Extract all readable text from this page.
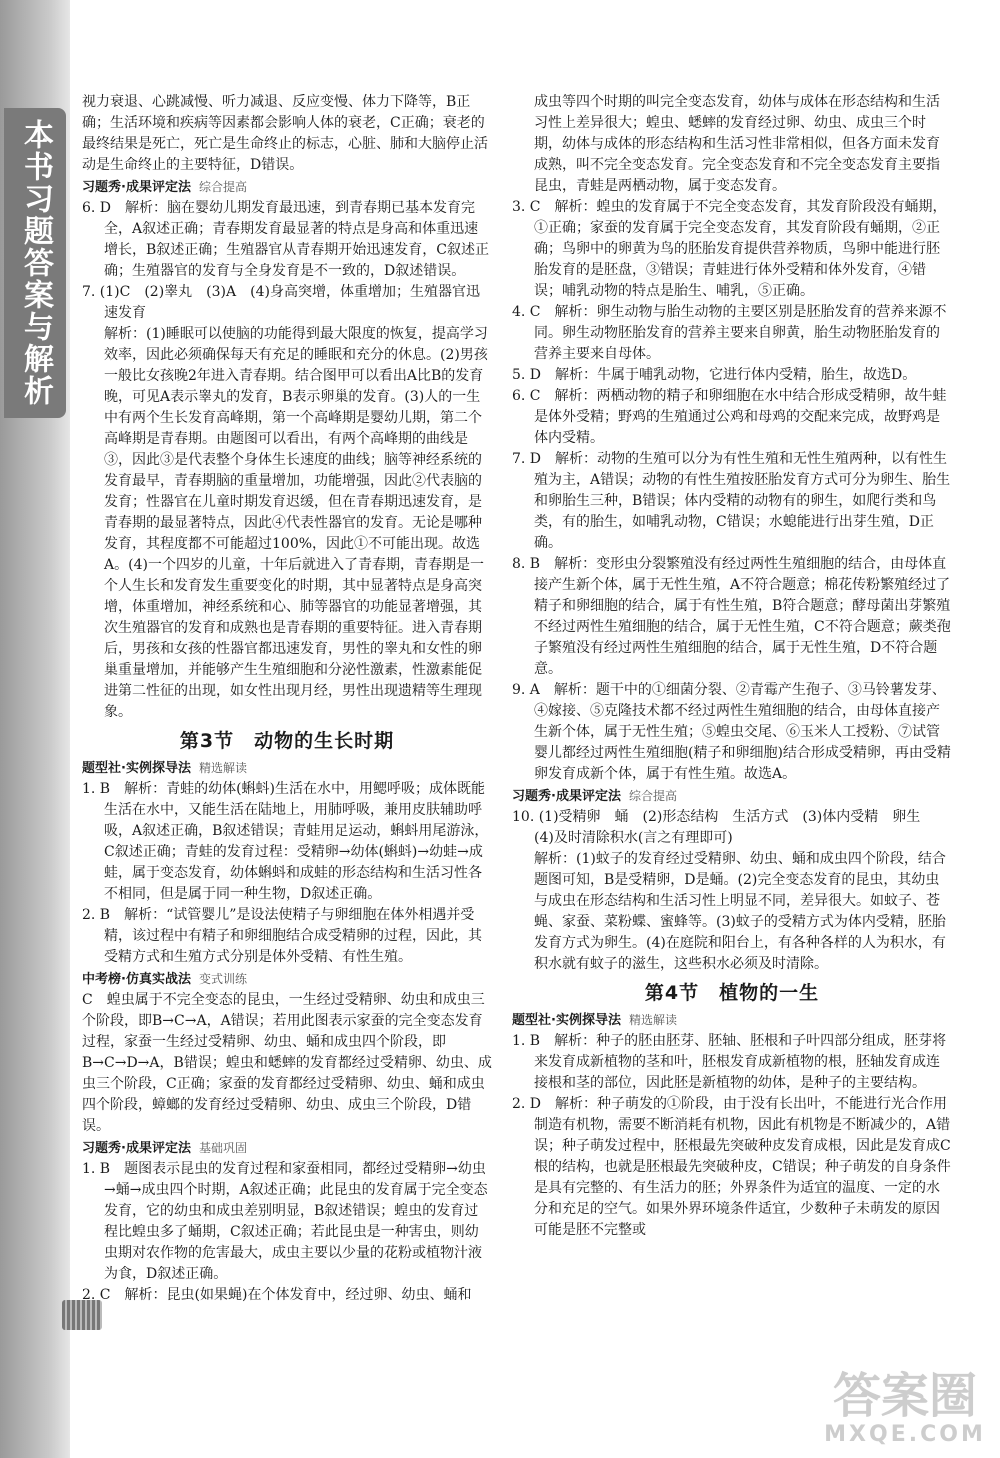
本书习题答案与解析

视力衰退、心跳减慢、听力减退、反应变慢、体力下降等，B正确；生活环境和疾病等因素都会影响人体的衰老，C正确；衰老的最终结果是死亡，死亡是生命终止的标志，心脏、肺和大脑停止活动是生命终止的主要特征，D错误。

习题秀·成果评定法 综合提高

6. D　解析：脑在婴幼儿期发育最迅速，到青春期已基本发育完全，A叙述正确；青春期发育最显著的特点是身高和体重迅速增长，B叙述正确；生殖器官从青春期开始迅速发育，C叙述正确；生殖器官的发育与全身发育是不一致的，D叙述错误。

7. (1)C　(2)睾丸　(3)A　(4)身高突增，体重增加；生殖器官迅速发育

解析：(1)睡眠可以使脑的功能得到最大限度的恢复，提高学习效率，因此必须确保每天有充足的睡眠和充分的休息。(2)男孩一般比女孩晚2年进入青春期。结合图甲可以看出A比B的发育晚，可见A表示睾丸的发育，B表示卵巢的发育。(3)人的一生中有两个生长发育高峰期，第一个高峰期是婴幼儿期，第二个高峰期是青春期。由题图可以看出，有两个高峰期的曲线是③，因此③是代表整个身体生长速度的曲线；脑等神经系统的发育最早，青春期脑的重量增加，功能增强，因此②代表脑的发育；性器官在儿童时期发育迟缓，但在青春期迅速发育，是青春期的最显著特点，因此④代表性器官的发育。无论是哪种发育，其程度都不可能超过100%，因此①不可能出现。故选A。(4)一个四岁的儿童，十年后就进入了青春期，青春期是一个人生长和发育发生重要变化的时期，其中显著特点是身高突增，体重增加，神经系统和心、肺等器官的功能显著增强，其次生殖器官的发育和成熟也是青春期的重要特征。进入青春期后，男孩和女孩的性器官都迅速发育，男性的睾丸和女性的卵巢重量增加，并能够产生生殖细胞和分泌性激素，性激素能促进第二性征的出现，如女性出现月经，男性出现遗精等生理现象。

第3节　动物的生长时期
题型社·实例探导法 精选解读

1. B　解析：青蛙的幼体(蝌蚪)生活在水中，用鳃呼吸；成体既能生活在水中，又能生活在陆地上，用肺呼吸，兼用皮肤辅助呼吸，A叙述正确，B叙述错误；青蛙用足运动，蝌蚪用尾游泳，C叙述正确；青蛙的发育过程：受精卵→幼体(蝌蚪)→幼蛙→成蛙，属于变态发育，幼体蝌蚪和成蛙的形态结构和生活习性各不相同，但是属于同一种生物，D叙述正确。

2. B　解析：“试管婴儿”是设法使精子与卵细胞在体外相遇并受精，该过程中有精子和卵细胞结合成受精卵的过程，因此，其受精方式和生殖方式分别是体外受精、有性生殖。

中考榜·仿真实战法 变式训练

C　蝗虫属于不完全变态的昆虫，一生经过受精卵、幼虫和成虫三个阶段，即B→C→A，A错误；若用此图表示家蚕的完全变态发育过程，家蚕一生经过受精卵、幼虫、蛹和成虫四个阶段，即B→C→D→A，B错误；蝗虫和蟋蟀的发育都经过受精卵、幼虫、成虫三个阶段，C正确；家蚕的发育都经过受精卵、幼虫、蛹和成虫四个阶段，蟑螂的发育经过受精卵、幼虫、成虫三个阶段，D错误。

习题秀·成果评定法 基础巩固

1. B　题图表示昆虫的发育过程和家蚕相同，都经过受精卵→幼虫→蛹→成虫四个时期，A叙述正确；此昆虫的发育属于完全变态发育，它的幼虫和成虫差别明显，B叙述错误；蝗虫的发育过程比蝗虫多了蛹期，C叙述正确；若此昆虫是一种害虫，则幼虫期对农作物的危害最大，成虫主要以少量的花粉或植物汁液为食，D叙述正确。

2. C　解析：昆虫(如果蝇)在个体发育中，经过卵、幼虫、蛹和

成虫等四个时期的叫完全变态发育，幼体与成体在形态结构和生活习性上差异很大；蝗虫、蟋蟀的发育经过卵、幼虫、成虫三个时期，幼体与成体的形态结构和生活习性非常相似，但各方面未发育成熟，叫不完全变态发育。完全变态发育和不完全变态发育主要指昆虫，青蛙是两栖动物，属于变态发育。

3. C　解析：蝗虫的发育属于不完全变态发育，其发育阶段没有蛹期，①正确；家蚕的发育属于完全变态发育，其发育阶段有蛹期，②正确；鸟卵中的卵黄为鸟的胚胎发育提供营养物质，鸟卵中能进行胚胎发育的是胚盘，③错误；青蛙进行体外受精和体外发育，④错误；哺乳动物的特点是胎生、哺乳，⑤正确。

4. C　解析：卵生动物与胎生动物的主要区别是胚胎发育的营养来源不同。卵生动物胚胎发育的营养主要来自卵黄，胎生动物胚胎发育的营养主要来自母体。

5. D　解析：牛属于哺乳动物，它进行体内受精，胎生，故选D。

6. C　解析：两栖动物的精子和卵细胞在水中结合形成受精卵，故牛蛙是体外受精；野鸡的生殖通过公鸡和母鸡的交配来完成，故野鸡是体内受精。

7. D　解析：动物的生殖可以分为有性生殖和无性生殖两种，以有性生殖为主，A错误；动物的有性生殖按胚胎发育方式可分为卵生、胎生和卵胎生三种，B错误；体内受精的动物有的卵生，如爬行类和鸟类，有的胎生，如哺乳动物，C错误；水螅能进行出芽生殖，D正确。

8. B　解析：变形虫分裂繁殖没有经过两性生殖细胞的结合，由母体直接产生新个体，属于无性生殖，A不符合题意；棉花传粉繁殖经过了精子和卵细胞的结合，属于有性生殖，B符合题意；酵母菌出芽繁殖不经过两性生殖细胞的结合，属于无性生殖，C不符合题意；蕨类孢子繁殖没有经过两性生殖细胞的结合，属于无性生殖，D不符合题意。

9. A　解析：题干中的①细菌分裂、②青霉产生孢子、③马铃薯发芽、④嫁接、⑤克隆技术都不经过两性生殖细胞的结合，由母体直接产生新个体，属于无性生殖；⑤蝗虫交尾、⑥玉米人工授粉、⑦试管婴儿都经过两性生殖细胞(精子和卵细胞)结合形成受精卵，再由受精卵发育成新个体，属于有性生殖。故选A。

习题秀·成果评定法 综合提高

10. (1)受精卵　蛹　(2)形态结构　生活方式　(3)体内受精　卵生　(4)及时清除积水(言之有理即可)

解析：(1)蚊子的发育经过受精卵、幼虫、蛹和成虫四个阶段，结合题图可知，B是受精卵，D是蛹。(2)完全变态发育的昆虫，其幼虫与成虫在形态结构和生活习性上明显不同，差异很大。如蚊子、苍蝇、家蚕、菜粉蝶、蜜蜂等。(3)蚊子的受精方式为体内受精，胚胎发育方式为卵生。(4)在庭院和阳台上，有各种各样的人为积水，有积水就有蚊子的滋生，这些积水必须及时清除。

第4节　植物的一生
题型社·实例探导法 精选解读

1. B　解析：种子的胚由胚芽、胚轴、胚根和子叶四部分组成，胚芽将来发育成新植物的茎和叶，胚根发育成新植物的根，胚轴发育成连接根和茎的部位，因此胚是新植物的幼体，是种子的主要结构。

2. D　解析：种子萌发的①阶段，由于没有长出叶，不能进行光合作用制造有机物，需要不断消耗有机物，因此有机物是不断减少的，A错误；种子萌发过程中，胚根最先突破种皮发育成根，因此是发育成C根的结构，也就是胚根最先突破种皮，C错误；种子萌发的自身条件是具有完整的、有生活力的胚；外界条件为适宜的温度、一定的水分和充足的空气。如果外界环境条件适宜，少数种子未萌发的原因可能是胚不完整或

答案圈
MXQE.COM
